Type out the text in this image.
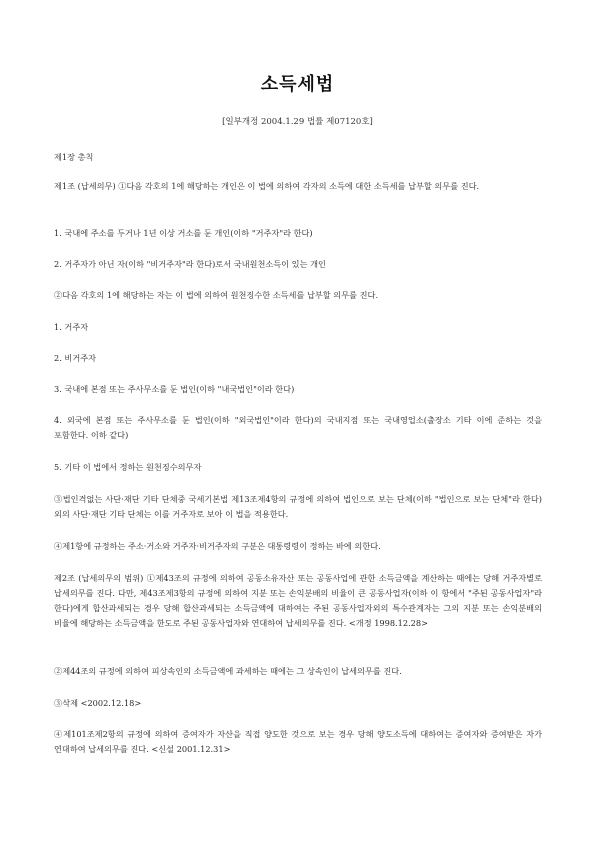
소득세법
[일부개정 2004.1.29 법률 제07120호]

제1장 총칙

제1조 (납세의무) ①다음 각호의 1에 해당하는 개인은 이 법에 의하여 각자의 소득에 대한 소득세를 납부할 의무를 진다.

1. 국내에 주소를 두거나 1년 이상 거소를 둔 개인(이하 "거주자"라 한다)

2. 거주자가 아닌 자(이하 "비거주자"라 한다)로서 국내원천소득이 있는 개인

②다음 각호의 1에 해당하는 자는 이 법에 의하여 원천징수한 소득세를 납부할 의무를 진다.

1. 거주자

2. 비거주자

3. 국내에 본점 또는 주사무소를 둔 법인(이하 "내국법인"이라 한다)

4. 외국에 본점 또는 주사무소를 둔 법인(이하 "외국법인"이라 한다)의 국내지점 또는 국내영업소(출장소 기타 이에 준하는 것을 포함한다. 이하 같다)

5. 기타 이 법에서 정하는 원천징수의무자

③법인격없는 사단·재단 기타 단체중 국세기본법 제13조제4항의 규정에 의하여 법인으로 보는 단체(이하 "법인으로 보는 단체"라 한다)외의 사단·재단 기타 단체는 이를 거주자로 보아 이 법을 적용한다.

④제1항에 규정하는 주소·거소와 거주자·비거주자의 구분은 대통령령이 정하는 바에 의한다.

제2조 (납세의무의 범위) ①제43조의 규정에 의하여 공동소유자산 또는 공동사업에 관한 소득금액을 계산하는 때에는 당해 거주자별로 납세의무를 진다. 다만, 제43조제3항의 규정에 의하여 지분 또는 손익분배의 비율이 큰 공동사업자(이하 이 항에서 "주된 공동사업자"라 한다)에게 합산과세되는 경우 당해 합산과세되는 소득금액에 대하여는 주된 공동사업자외의 특수관계자는 그의 지분 또는 손익분배의 비율에 해당하는 소득금액을 한도로 주된 공동사업자와 연대하여 납세의무를 진다. <개정 1998.12.28>

②제44조의 규정에 의하여 피상속인의 소득금액에 과세하는 때에는 그 상속인이 납세의무를 진다.

③삭제 <2002.12.18>

④제101조제2항의 규정에 의하여 증여자가 자산을 직접 양도한 것으로 보는 경우 당해 양도소득에 대하여는 증여자와 증여받은 자가 연대하여 납세의무를 진다. <신설 2001.12.31>
